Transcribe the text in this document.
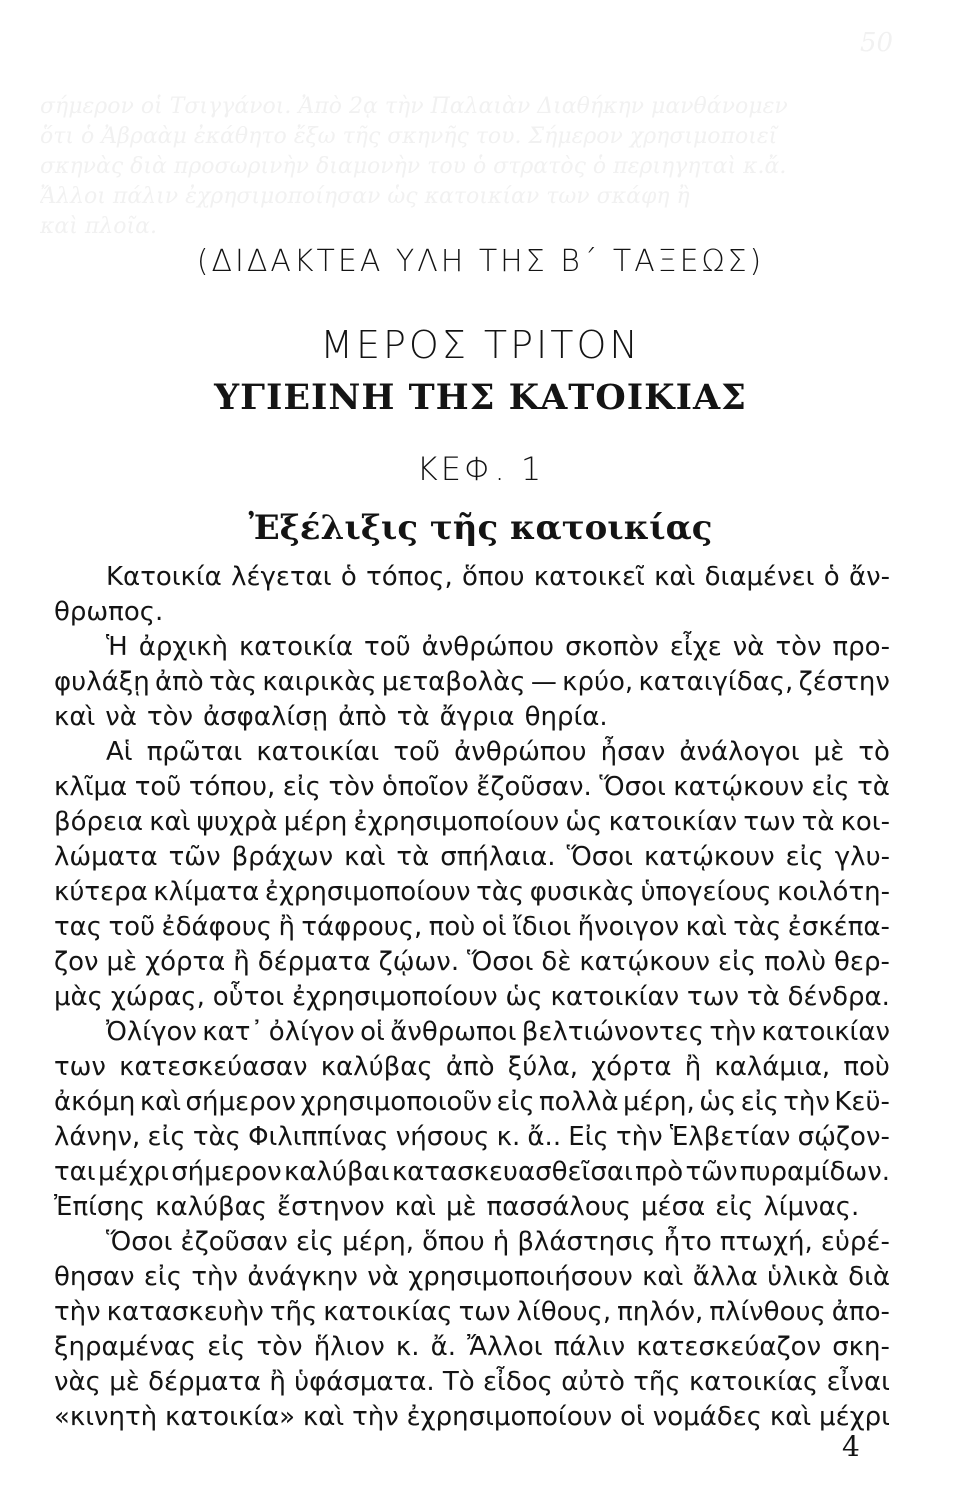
50
σήμερον οἱ Τσιγγάνοι. Ἀπὸ 2ᾳ τὴν Παλαιὰν Διαθήκην μανθάνομεν
ὅτι ὁ Ἀβραὰμ ἐκάθητο ἔξω τῆς σκηνῆς του. Σήμερον χρησιμοποιεῖ
σκηνὰς διὰ προσωρινὴν διαμονὴν του ὁ στρατὸς ὁ περιηγηταὶ κ.ἄ.
Ἄλλοι πάλιν ἐχρησιμοποίησαν ὡς κατοικίαν των σκάφη ἢ
καὶ πλοῖα.
(ΔΙΔΑΚΤΕΑ ΥΛΗ ΤΗΣ Β΄ ΤΑΞΕΩΣ)
ΜΕΡΟΣ ΤΡΙΤΟΝ
ΥΓΙΕΙΝΗ ΤΗΣ ΚΑΤΟΙΚΙΑΣ
ΚΕΦ. 1
Ἐξέλιξις τῆς κατοικίας
Κατοικία λέγεται ὁ τόπος, ὅπου κατοικεῖ καὶ διαμένει ὁ ἄν-
θρωπος.
Ἡ ἀρχικὴ κατοικία τοῦ ἀνθρώπου σκοπὸν εἶχε νὰ τὸν προ-
φυλάξῃ ἀπὸ τὰς καιρικὰς μεταβολὰς — κρύο, καταιγίδας, ζέστην
καὶ νὰ τὸν ἀσφαλίσῃ ἀπὸ τὰ ἄγρια θηρία.
Αἱ πρῶται κατοικίαι τοῦ ἀνθρώπου ἦσαν ἀνάλογοι μὲ τὸ
κλῖμα τοῦ τόπου, εἰς τὸν ὁποῖον ἔζοῦσαν. Ὅσοι κατῴκουν εἰς τὰ
βόρεια καὶ ψυχρὰ μέρη ἐχρησιμοποίουν ὡς κατοικίαν των τὰ κοι-
λώματα τῶν βράχων καὶ τὰ σπήλαια. Ὅσοι κατῴκουν εἰς γλυ-
κύτερα κλίματα ἐχρησιμοποίουν τὰς φυσικὰς ὑπογείους κοιλότη-
τας τοῦ ἐδάφους ἢ τάφρους, ποὺ οἱ ἴδιοι ἤνοιγον καὶ τὰς ἐσκέπα-
ζον μὲ χόρτα ἢ δέρματα ζῴων. Ὅσοι δὲ κατῴκουν εἰς πολὺ θερ-
μὰς χώρας, οὗτοι ἐχρησιμοποίουν ὡς κατοικίαν των τὰ δένδρα.
Ὀλίγον κατ᾽ ὀλίγον οἱ ἄνθρωποι βελτιώνοντες τὴν κατοικίαν
των κατεσκεύασαν καλύβας ἀπὸ ξύλα, χόρτα ἢ καλάμια, ποὺ
ἀκόμη καὶ σήμερον χρησιμοποιοῦν εἰς πολλὰ μέρη, ὡς εἰς τὴν Κεϋ-
λάνην, εἰς τὰς Φιλιππίνας νήσους κ. ἄ.. Εἰς τὴν Ἑλβετίαν σῴζον-
ται μέχρι σήμερον καλύβαι κατασκευασθεῖσαι πρὸ τῶν πυραμίδων.
Ἐπίσης καλύβας ἔστηνον καὶ μὲ πασσάλους μέσα εἰς λίμνας.
Ὅσοι ἐζοῦσαν εἰς μέρη, ὅπου ἡ βλάστησις ἦτο πτωχή, εὑρέ-
θησαν εἰς τὴν ἀνάγκην νὰ χρησιμοποιήσουν καὶ ἄλλα ὑλικὰ διὰ
τὴν κατασκευὴν τῆς κατοικίας των λίθους, πηλόν, πλίνθους ἀπο-
ξηραμένας εἰς τὸν ἥλιον κ. ἄ. Ἄλλοι πάλιν κατεσκεύαζον σκη-
νὰς μὲ δέρματα ἢ ὑφάσματα. Τὸ εἶδος αὐτὸ τῆς κατοικίας εἶναι
«κινητὴ κατοικία» καὶ τὴν ἐχρησιμοποίουν οἱ νομάδες καὶ μέχρι
4
